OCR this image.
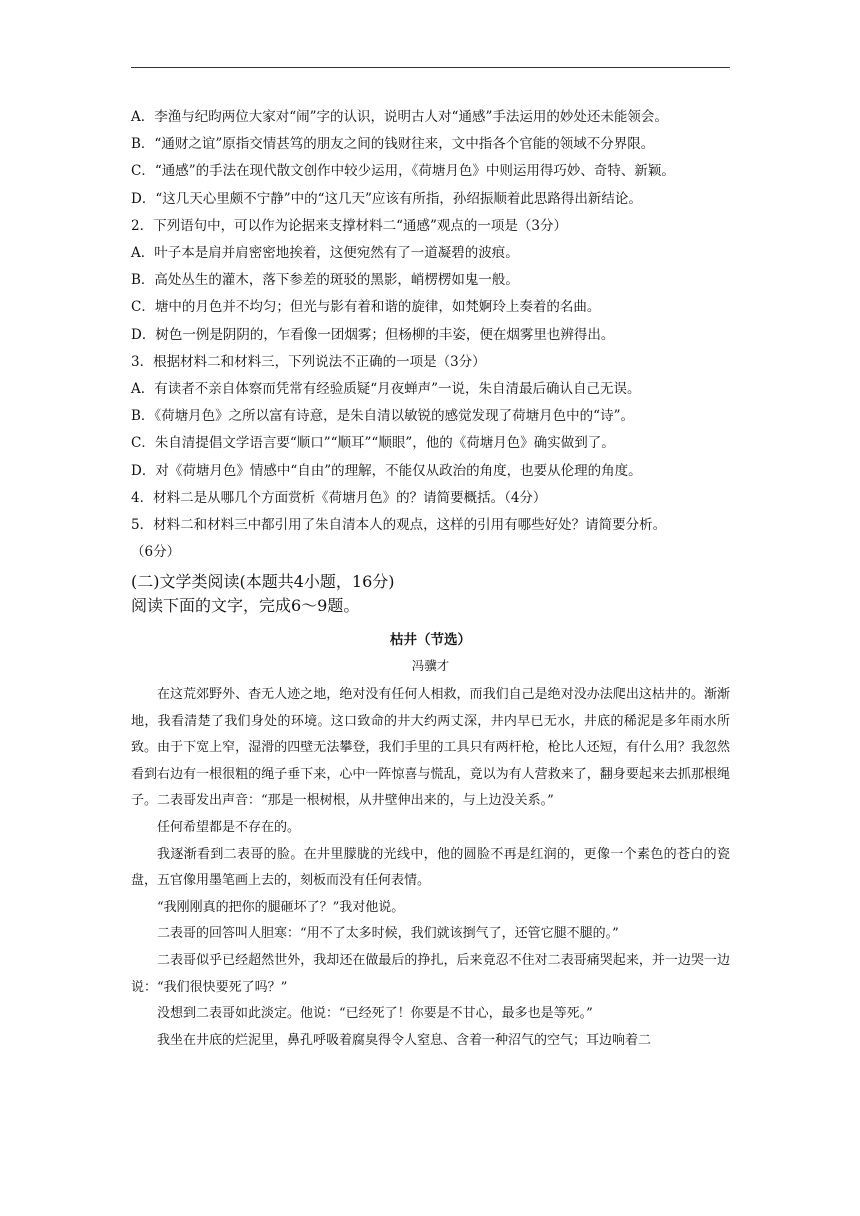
A．李渔与纪昀两位大家对“闹”字的认识，说明古人对“通感”手法运用的妙处还未能领会。
B．“通财之谊”原指交情甚笃的朋友之间的钱财往来，文中指各个官能的领域不分界限。
C．“通感”的手法在现代散文创作中较少运用，《荷塘月色》中则运用得巧妙、奇特、新颖。
D．“这几天心里颇不宁静”中的“这几天”应该有所指，孙绍振顺着此思路得出新结论。
2．下列语句中，可以作为论据来支撑材料二“通感”观点的一项是（3分）
A．叶子本是肩并肩密密地挨着，这便宛然有了一道凝碧的波痕。
B．高处丛生的灌木，落下参差的斑驳的黑影，峭楞楞如鬼一般。
C．塘中的月色并不均匀；但光与影有着和谐的旋律，如梵婀玲上奏着的名曲。
D．树色一例是阴阴的，乍看像一团烟雾；但杨柳的丰姿，便在烟雾里也辨得出。
3．根据材料二和材料三，下列说法不正确的一项是（3分）
A．有读者不亲自体察而凭常有经验质疑“月夜蝉声”一说，朱自清最后确认自己无误。
B．《荷塘月色》之所以富有诗意，是朱自清以敏锐的感觉发现了荷塘月色中的“诗”。
C．朱自清提倡文学语言要“顺口”“顺耳”“顺眼”，他的《荷塘月色》确实做到了。
D．对《荷塘月色》情感中“自由”的理解，不能仅从政治的角度，也要从伦理的角度。
4．材料二是从哪几个方面赏析《荷塘月色》的？请简要概括。（4分）
5．材料二和材料三中都引用了朱自清本人的观点，这样的引用有哪些好处？请简要分析。
（6分）
(二)文学类阅读(本题共4小题，16分)
阅读下面的文字，完成6～9题。
枯井（节选）
冯骥才

在这荒郊野外、杳无人迹之地，绝对没有任何人相救，而我们自己是绝对没办法爬出这枯井的。渐渐地，我看清楚了我们身处的环境。这口致命的井大约两丈深，井内早已无水，井底的稀泥是多年雨水所致。由于下宽上窄，湿滑的四壁无法攀登，我们手里的工具只有两杆枪，枪比人还短，有什么用？我忽然看到右边有一根很粗的绳子垂下来，心中一阵惊喜与慌乱，竟以为有人营救来了，翻身要起来去抓那根绳子。二表哥发出声音：“那是一根树根，从井壁伸出来的，与上边没关系。”

任何希望都是不存在的。

我逐渐看到二表哥的脸。在井里朦胧的光线中，他的圆脸不再是红润的，更像一个素色的苍白的瓷盘，五官像用墨笔画上去的，刻板而没有任何表情。

“我刚刚真的把你的腿砸坏了？”我对他说。

二表哥的回答叫人胆寒：“用不了太多时候，我们就该捯气了，还管它腿不腿的。”

二表哥似乎已经超然世外，我却还在做最后的挣扎，后来竟忍不住对二表哥痛哭起来，并一边哭一边说：“我们很快要死了吗？”

没想到二表哥如此淡定。他说：“已经死了！你要是不甘心，最多也是等死。”

我坐在井底的烂泥里，鼻孔呼吸着腐臭得令人窒息、含着一种沼气的空气；耳边响着二
